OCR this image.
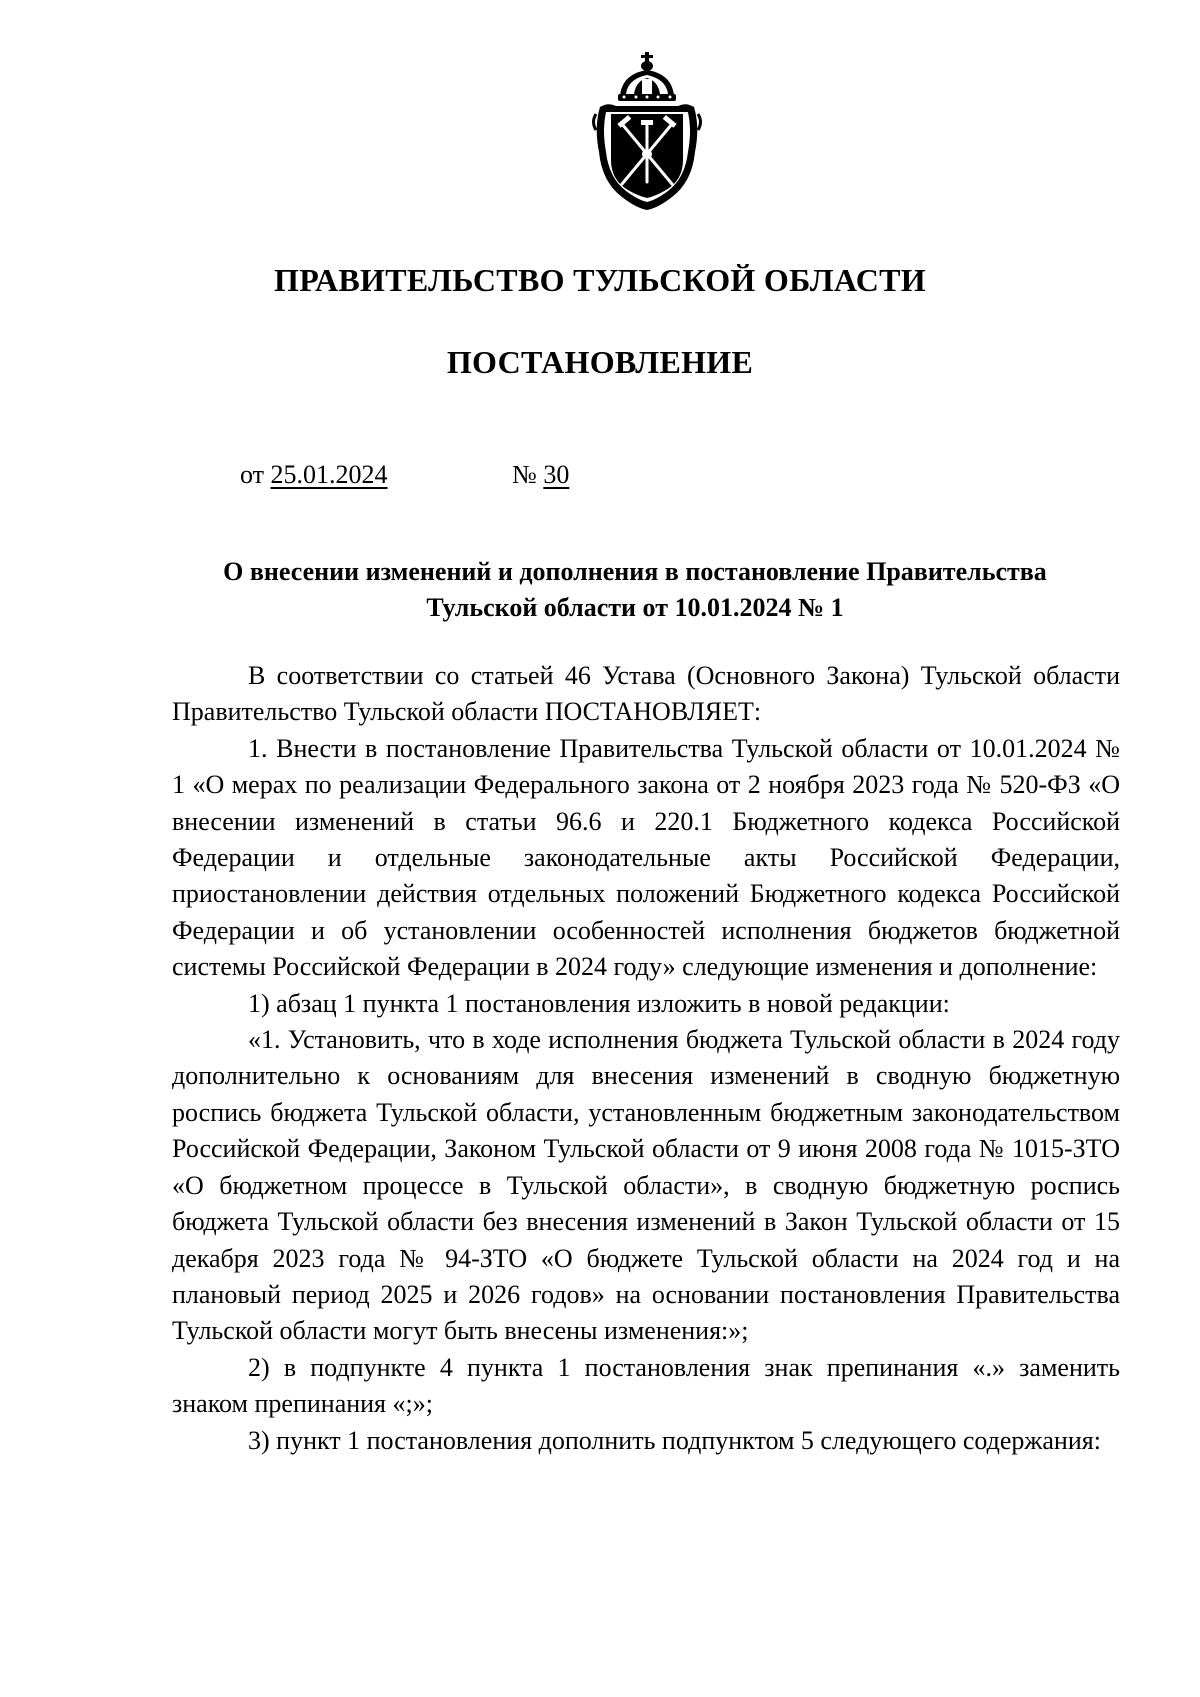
ПРАВИТЕЛЬСТВО ТУЛЬСКОЙ ОБЛАСТИ
ПОСТАНОВЛЕНИЕ
от 25.01.2024	№ 30
О внесении изменений и дополнения в постановление Правительства
Тульской области от 10.01.2024 № 1

В соответствии со статьей 46 Устава (Основного Закона) Тульской области Правительство Тульской области ПОСТАНОВЛЯЕТ:

1. Внести в постановление Правительства Тульской области от 10.01.2024 № 1 «О мерах по реализации Федерального закона от 2 ноября 2023 года № 520-ФЗ «О внесении изменений в статьи 96.6 и 220.1 Бюджетного кодекса Российской Федерации и отдельные законодательные акты Российской Федерации, приостановлении действия отдельных положений Бюджетного кодекса Российской Федерации и об установлении особенностей исполнения бюджетов бюджетной системы Российской Федерации в 2024 году» следующие изменения и дополнение:

1) абзац 1 пункта 1 постановления изложить в новой редакции:

«1. Установить, что в ходе исполнения бюджета Тульской области в 2024 году дополнительно к основаниям для внесения изменений в сводную бюджетную роспись бюджета Тульской области, установленным бюджетным законодательством Российской Федерации, Законом Тульской области от 9 июня 2008 года № 1015-ЗТО «О бюджетном процессе в Тульской области», в сводную бюджетную роспись бюджета Тульской области без внесения изменений в Закон Тульской области от 15 декабря 2023 года № 94-ЗТО «О бюджете Тульской области на 2024 год и на плановый период 2025 и 2026 годов» на основании постановления Правительства Тульской области могут быть внесены изменения:»;

2) в подпункте 4 пункта 1 постановления знак препинания «.» заменить знаком препинания «;»;

3) пункт 1 постановления дополнить подпунктом 5 следующего содержания:
